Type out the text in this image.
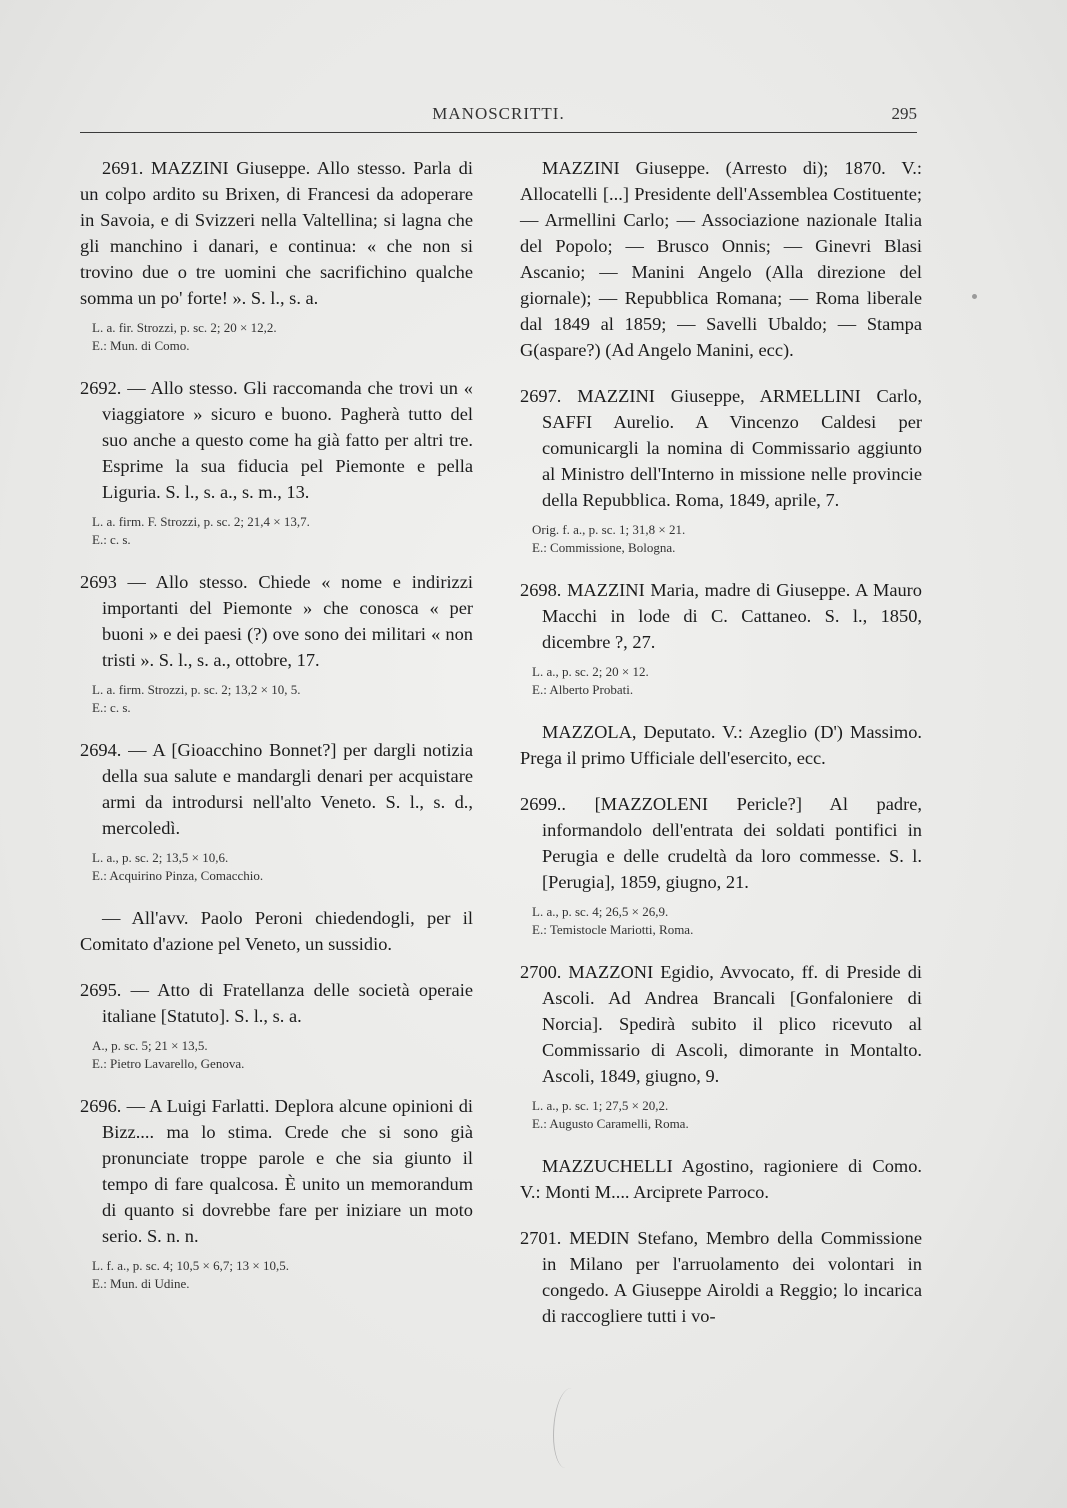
MANOSCRITTI.	295
2691. MAZZINI Giuseppe. Allo stesso. Parla di un colpo ardito su Brixen, di Francesi da adoperare in Savoia, e di Svizzeri nella Valtellina; si lagna che gli manchino i danari, e continua: « che non si trovino due o tre uomini che sacrifichino qualche somma un po' forte! ». S. l., s. a.
L. a. fir. Strozzi, p. sc. 2; 20 × 12,2.
E.: Mun. di Como.
2692. — Allo stesso. Gli raccomanda che trovi un « viaggiatore » sicuro e buono. Pagherà tutto del suo anche a questo come ha già fatto per altri tre. Esprime la sua fiducia pel Piemonte e pella Liguria. S. l., s. a., s. m., 13.
L. a. firm. F. Strozzi, p. sc. 2; 21,4 × 13,7.
E.: c. s.
2693 — Allo stesso. Chiede « nome e indirizzi importanti del Piemonte » che conosca « per buoni » e dei paesi (?) ove sono dei militari « non tristi ». S. l., s. a., ottobre, 17.
L. a. firm. Strozzi, p. sc. 2; 13,2 × 10, 5.
E.: c. s.
2694. — A [Gioacchino Bonnet?] per dargli notizia della sua salute e mandargli denari per acquistare armi da introdursi nell'alto Veneto. S. l., s. d., mercoledì.
L. a., p. sc. 2; 13,5 × 10,6.
E.: Acquirino Pinza, Comacchio.
— All'avv. Paolo Peroni chiedendogli, per il Comitato d'azione pel Veneto, un sussidio.
2695. — Atto di Fratellanza delle società operaie italiane [Statuto]. S. l., s. a.
A., p. sc. 5; 21 × 13,5.
E.: Pietro Lavarello, Genova.
2696. — A Luigi Farlatti. Deplora alcune opinioni di Bizz.... ma lo stima. Crede che si sono già pronunciate troppe parole e che sia giunto il tempo di fare qualcosa. È unito un memorandum di quanto si dovrebbe fare per iniziare un moto serio. S. n. n.
L. f. a., p. sc. 4; 10,5 × 6,7; 13 × 10,5.
E.: Mun. di Udine.
MAZZINI Giuseppe. (Arresto di); 1870. V.: Allocatelli [...] Presidente dell'Assemblea Costituente; — Armellini Carlo; — Associazione nazionale Italia del Popolo; — Brusco Onnis; — Ginevri Blasi Ascanio; — Manini Angelo (Alla direzione del giornale); — Repubblica Romana; — Roma liberale dal 1849 al 1859; — Savelli Ubaldo; — Stampa G(aspare?) (Ad Angelo Manini, ecc).
2697. MAZZINI Giuseppe, ARMELLINI Carlo, SAFFI Aurelio. A Vincenzo Caldesi per comunicargli la nomina di Commissario aggiunto al Ministro dell'Interno in missione nelle provincie della Repubblica. Roma, 1849, aprile, 7.
Orig. f. a., p. sc. 1; 31,8 × 21.
E.: Commissione, Bologna.
2698. MAZZINI Maria, madre di Giuseppe. A Mauro Macchi in lode di C. Cattaneo. S. l., 1850, dicembre ?, 27.
L. a., p. sc. 2; 20 × 12.
E.: Alberto Probati.
MAZZOLA, Deputato. V.: Azeglio (D') Massimo. Prega il primo Ufficiale dell'esercito, ecc.
2699.. [MAZZOLENI Pericle?] Al padre, informandolo dell'entrata dei soldati pontifici in Perugia e delle crudeltà da loro commesse. S. l. [Perugia], 1859, giugno, 21.
L. a., p. sc. 4; 26,5 × 26,9.
E.: Temistocle Mariotti, Roma.
2700. MAZZONI Egidio, Avvocato, ff. di Preside di Ascoli. Ad Andrea Brancali [Gonfaloniere di Norcia]. Spedirà subito il plico ricevuto al Commissario di Ascoli, dimorante in Montalto. Ascoli, 1849, giugno, 9.
L. a., p. sc. 1; 27,5 × 20,2.
E.: Augusto Caramelli, Roma.
MAZZUCHELLI Agostino, ragioniere di Como. V.: Monti M.... Arciprete Parroco.
2701. MEDIN Stefano, Membro della Commissione in Milano per l'arruolamento dei volontari in congedo. A Giuseppe Airoldi a Reggio; lo incarica di raccogliere tutti i vo-
